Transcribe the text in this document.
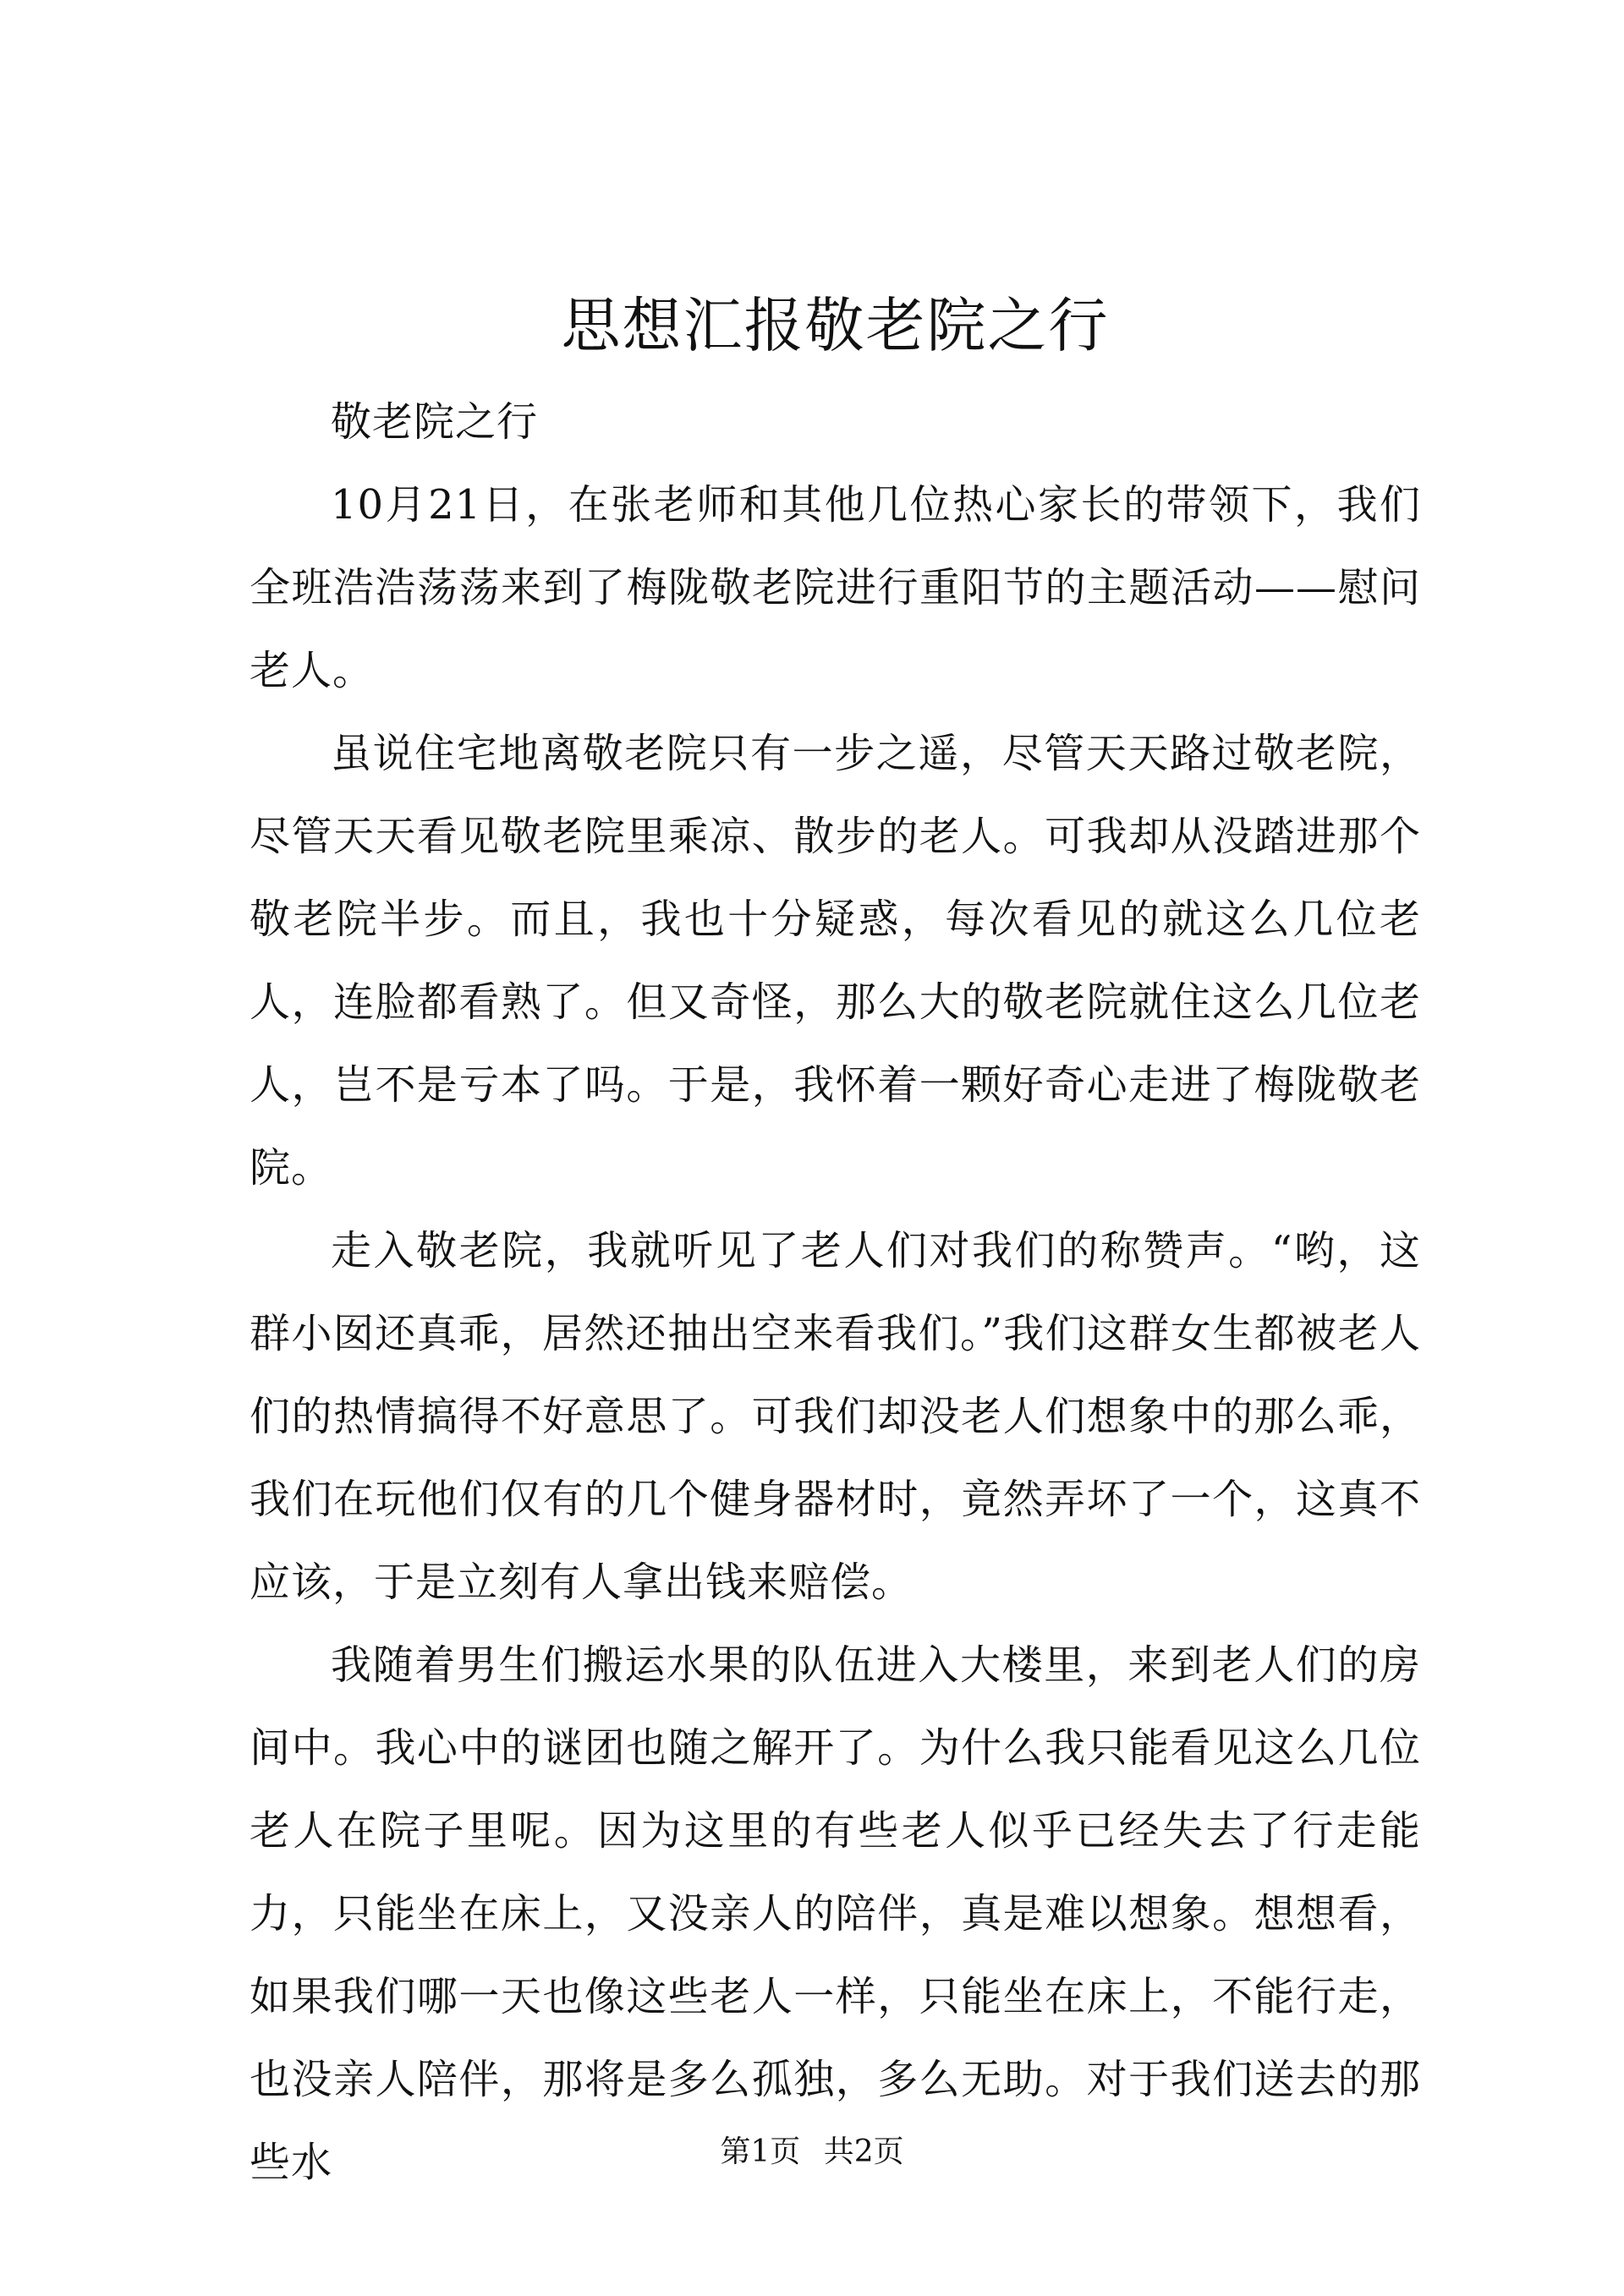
思想汇报敬老院之行

敬老院之行

10月21日，在张老师和其他几位热心家长的带领下，我们全班浩浩荡荡来到了梅陇敬老院进行重阳节的主题活动——慰问老人。

虽说住宅地离敬老院只有一步之遥，尽管天天路过敬老院，尽管天天看见敬老院里乘凉、散步的老人。可我却从没踏进那个敬老院半步。而且，我也十分疑惑，每次看见的就这么几位老人，连脸都看熟了。但又奇怪，那么大的敬老院就住这么几位老人，岂不是亏本了吗。于是，我怀着一颗好奇心走进了梅陇敬老院。

走入敬老院，我就听见了老人们对我们的称赞声。“哟，这群小囡还真乖，居然还抽出空来看我们。”我们这群女生都被老人们的热情搞得不好意思了。可我们却没老人们想象中的那么乖，我们在玩他们仅有的几个健身器材时，竟然弄坏了一个，这真不应该，于是立刻有人拿出钱来赔偿。

我随着男生们搬运水果的队伍进入大楼里，来到老人们的房间中。我心中的谜团也随之解开了。为什么我只能看见这么几位老人在院子里呢。因为这里的有些老人似乎已经失去了行走能力，只能坐在床上，又没亲人的陪伴，真是难以想象。想想看，如果我们哪一天也像这些老人一样，只能坐在床上，不能行走，也没亲人陪伴，那将是多么孤独，多么无助。对于我们送去的那些水	第1页 共2页
